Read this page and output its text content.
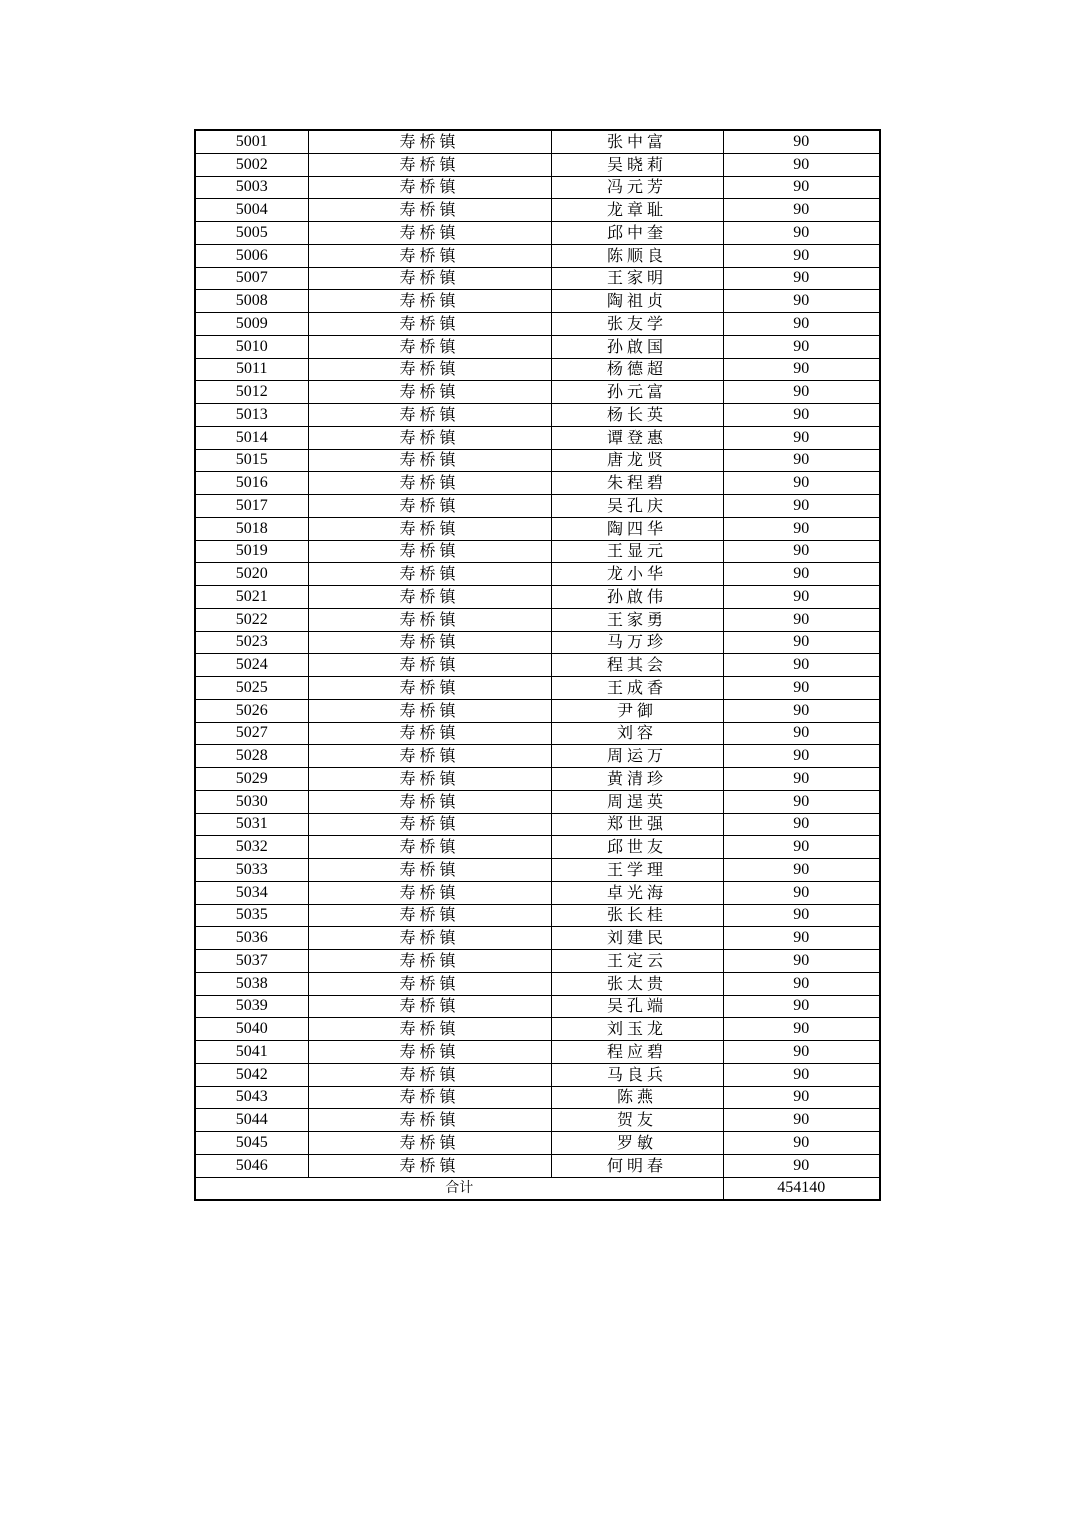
5001	寿桥镇	张中富	90
5002	寿桥镇	吴晓莉	90
5003	寿桥镇	冯元芳	90
5004	寿桥镇	龙章耻	90
5005	寿桥镇	邱中奎	90
5006	寿桥镇	陈顺良	90
5007	寿桥镇	王家明	90
5008	寿桥镇	陶祖贞	90
5009	寿桥镇	张友学	90
5010	寿桥镇	孙啟国	90
5011	寿桥镇	杨德超	90
5012	寿桥镇	孙元富	90
5013	寿桥镇	杨长英	90
5014	寿桥镇	谭登惠	90
5015	寿桥镇	唐龙贤	90
5016	寿桥镇	朱程碧	90
5017	寿桥镇	吴孔庆	90
5018	寿桥镇	陶四华	90
5019	寿桥镇	王显元	90
5020	寿桥镇	龙小华	90
5021	寿桥镇	孙啟伟	90
5022	寿桥镇	王家勇	90
5023	寿桥镇	马万珍	90
5024	寿桥镇	程其会	90
5025	寿桥镇	王成香	90
5026	寿桥镇	尹御	90
5027	寿桥镇	刘容	90
5028	寿桥镇	周运万	90
5029	寿桥镇	黄清珍	90
5030	寿桥镇	周逞英	90
5031	寿桥镇	郑世强	90
5032	寿桥镇	邱世友	90
5033	寿桥镇	王学理	90
5034	寿桥镇	卓光海	90
5035	寿桥镇	张长桂	90
5036	寿桥镇	刘建民	90
5037	寿桥镇	王定云	90
5038	寿桥镇	张太贵	90
5039	寿桥镇	吴孔端	90
5040	寿桥镇	刘玉龙	90
5041	寿桥镇	程应碧	90
5042	寿桥镇	马良兵	90
5043	寿桥镇	陈燕	90
5044	寿桥镇	贺友	90
5045	寿桥镇	罗敏	90
5046	寿桥镇	何明春	90
合计			454140
